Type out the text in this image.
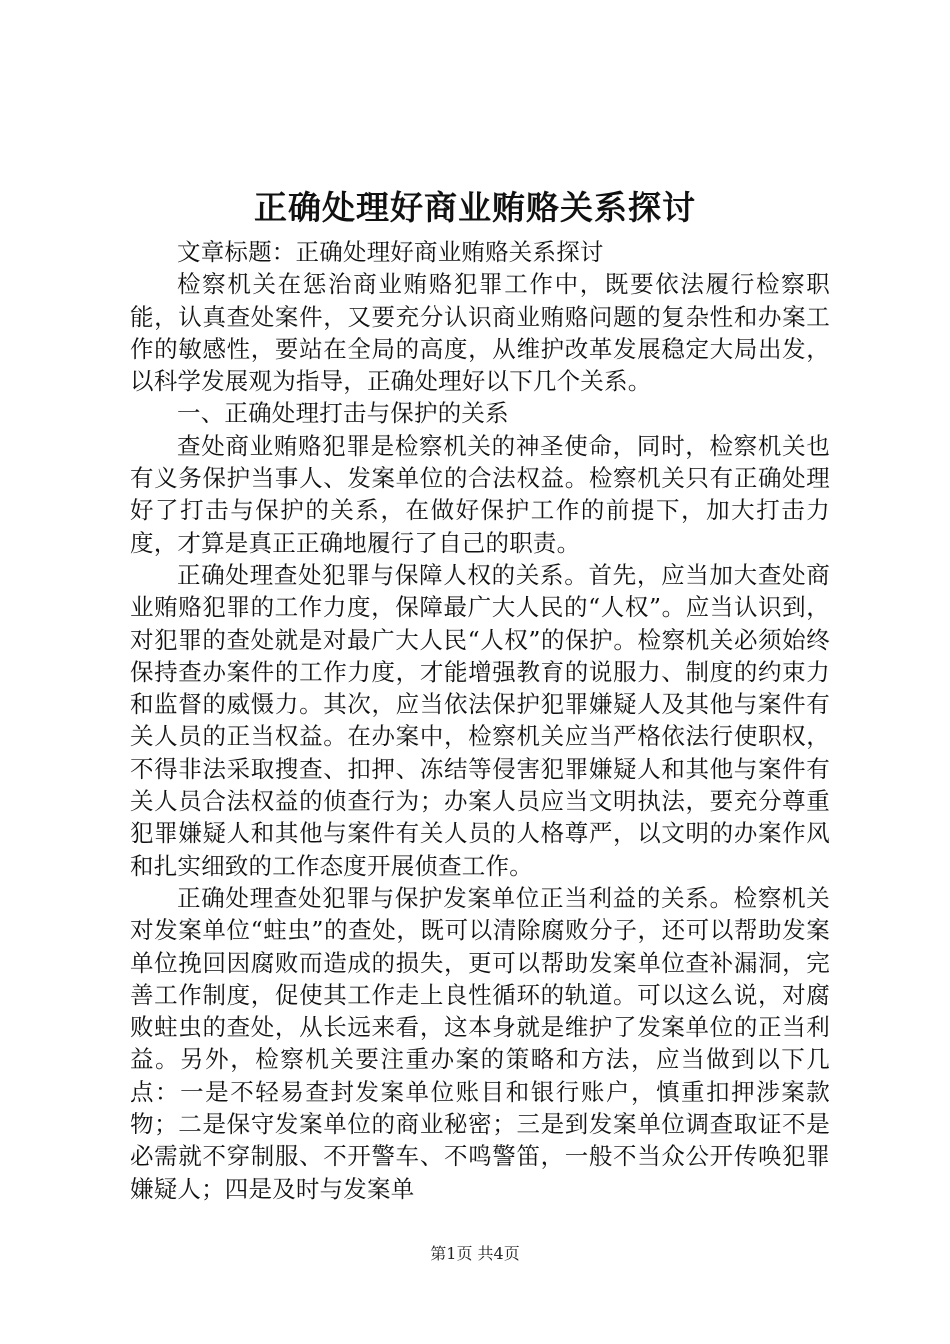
正确处理好商业贿赂关系探讨

文章标题：正确处理好商业贿赂关系探讨

检察机关在惩治商业贿赂犯罪工作中，既要依法履行检察职能，认真查处案件，又要充分认识商业贿赂问题的复杂性和办案工作的敏感性，要站在全局的高度，从维护改革发展稳定大局出发，以科学发展观为指导，正确处理好以下几个关系。

一、正确处理打击与保护的关系

查处商业贿赂犯罪是检察机关的神圣使命，同时，检察机关也有义务保护当事人、发案单位的合法权益。检察机关只有正确处理好了打击与保护的关系，在做好保护工作的前提下，加大打击力度，才算是真正正确地履行了自己的职责。

正确处理查处犯罪与保障人权的关系。首先，应当加大查处商业贿赂犯罪的工作力度，保障最广大人民的“人权”。应当认识到，对犯罪的查处就是对最广大人民“人权”的保护。检察机关必须始终保持查办案件的工作力度，才能增强教育的说服力、制度的约束力和监督的威慑力。其次，应当依法保护犯罪嫌疑人及其他与案件有关人员的正当权益。在办案中，检察机关应当严格依法行使职权，不得非法采取搜查、扣押、冻结等侵害犯罪嫌疑人和其他与案件有关人员合法权益的侦查行为；办案人员应当文明执法，要充分尊重犯罪嫌疑人和其他与案件有关人员的人格尊严，以文明的办案作风和扎实细致的工作态度开展侦查工作。

正确处理查处犯罪与保护发案单位正当利益的关系。检察机关对发案单位“蛀虫”的查处，既可以清除腐败分子，还可以帮助发案单位挽回因腐败而造成的损失，更可以帮助发案单位查补漏洞，完善工作制度，促使其工作走上良性循环的轨道。可以这么说，对腐败蛀虫的查处，从长远来看，这本身就是维护了发案单位的正当利益。另外，检察机关要注重办案的策略和方法，应当做到以下几点：一是不轻易查封发案单位账目和银行账户，慎重扣押涉案款物；二是保守发案单位的商业秘密；三是到发案单位调查取证不是必需就不穿制服、不开警车、不鸣警笛，一般不当众公开传唤犯罪嫌疑人；四是及时与发案单

第1页 共4页
